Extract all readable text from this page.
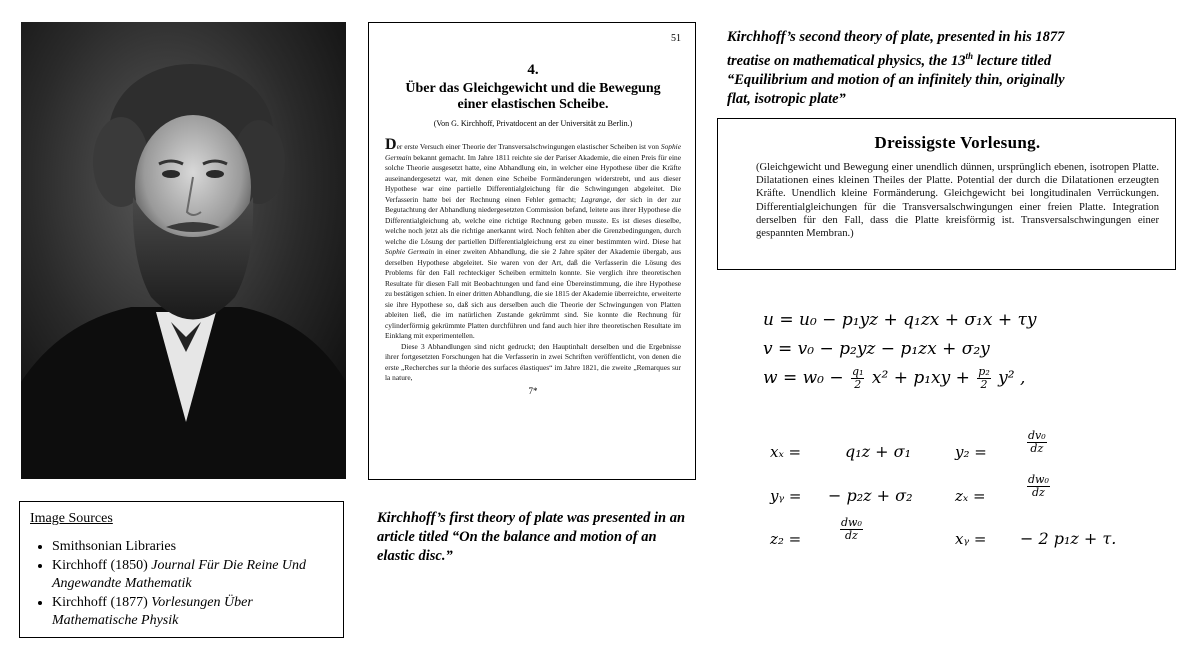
51
4.
Über das Gleichgewicht und die Bewegung
einer elastischen Scheibe.
(Von G. Kirchhoff, Privatdocent an der Universität zu Berlin.)

Der erste Versuch einer Theorie der Transversalschwingungen elastischer Scheiben ist von Sophie Germain bekannt gemacht. Im Jahre 1811 reichte sie der Pariser Akademie, die einen Preis für eine solche Theorie ausgesetzt hatte, eine Abhandlung ein, in welcher eine Hypothese über die Kräfte auseinandergesetzt war, mit denen eine Scheibe Formänderungen widerstrebt, und aus dieser Hypothese war eine partielle Differentialgleichung für die Schwingungen abgeleitet. Die Verfasserin hatte bei der Rechnung einen Fehler gemacht; Lagrange, der sich in der zur Begutachtung der Abhandlung niedergesetzten Commission befand, leitete aus ihrer Hypothese die Differentialgleichung ab, welche eine richtige Rechnung geben musste. Es ist dieses dieselbe, welche noch jetzt als die richtige anerkannt wird. Noch fehlten aber die Grenzbedingungen, durch welche die Lösung der partiellen Differentialgleichung erst zu einer bestimmten wird. Diese hat Sophie Germain in einer zweiten Abhandlung, die sie 2 Jahre später der Akademie übergab, aus derselben Hypothese abgeleitet. Sie waren von der Art, daß die Verfasserin die Lösung des Problems für den Fall rechteckiger Scheiben ermitteln konnte. Sie verglich ihre theoretischen Resultate für diesen Fall mit Beobachtungen und fand eine Übereinstimmung, die ihre Hypothese zu bestätigen schien. In einer dritten Abhandlung, die sie 1815 der Akademie überreichte, erweiterte sie ihre Hypothese so, daß sich aus derselben auch die Theorie der Schwingungen von Platten ableiten ließ, die im natürlichen Zustande gekrümmt sind. Sie konnte die Rechnung für cylinderförmig gekrümmte Platten durchführen und fand auch hier ihre theoretischen Resultate im Einklang mit experimentellen.

Diese 3 Abhandlungen sind nicht gedruckt; den Hauptinhalt derselben und die Ergebnisse ihrer fortgesetzten Forschungen hat die Verfasserin in zwei Schriften veröffentlicht, von denen die erste „Recherches sur la théorie des surfaces élastiques“ im Jahre 1821, die zweite „Remarques sur la nature,

7*
Kirchhoff’s second theory of plate, presented in his 1877 treatise on mathematical physics, the 13th lecture titled “Equilibrium and motion of an infinitely thin, originally flat, isotropic plate”
Dreissigste Vorlesung.
(Gleichgewicht und Bewegung einer unendlich dünnen, ursprünglich ebenen, isotropen Platte. Dilatationen eines kleinen Theiles der Platte. Potential der durch die Dilatationen erzeugten Kräfte. Unendlich kleine Formänderung. Gleichgewicht bei longitudinalen Verrückungen. Differentialgleichungen für die Transversalschwingungen einer freien Platte. Integration derselben für den Fall, dass die Platte kreisförmig ist. Transversalschwingungen einer gespannten Membran.)
u = u₀ − p₁yz + q₁zx + σ₁x + τy
v = v₀ − p₂yz − p₁zx + σ₂y
$w = w_0 - \frac{\text{q₁}}{2} x^2 + p_1xy + \frac{\text{p₂}}{2} y^2$ ,
xₓ =	q₁z + σ₁	y₂ =	$\frac{\text{dv₀}}{dz}$
yᵧ = − p₂z + σ₂	zₓ =	$\frac{\text{dw₀}}{dz}$
z₂ =	$\frac{\text{dw₀}}{dz}$	xᵧ = − 2 p₁z + τ.
Kirchhoff’s first theory of plate was presented in an article titled “On the balance and motion of an elastic disc.”
Image Sources
• Smithsonian Libraries
• Kirchhoff (1850) Journal Für Die Reine Und Angewandte Mathematik
• Kirchhoff (1877) Vorlesungen Über Mathematische Physik
